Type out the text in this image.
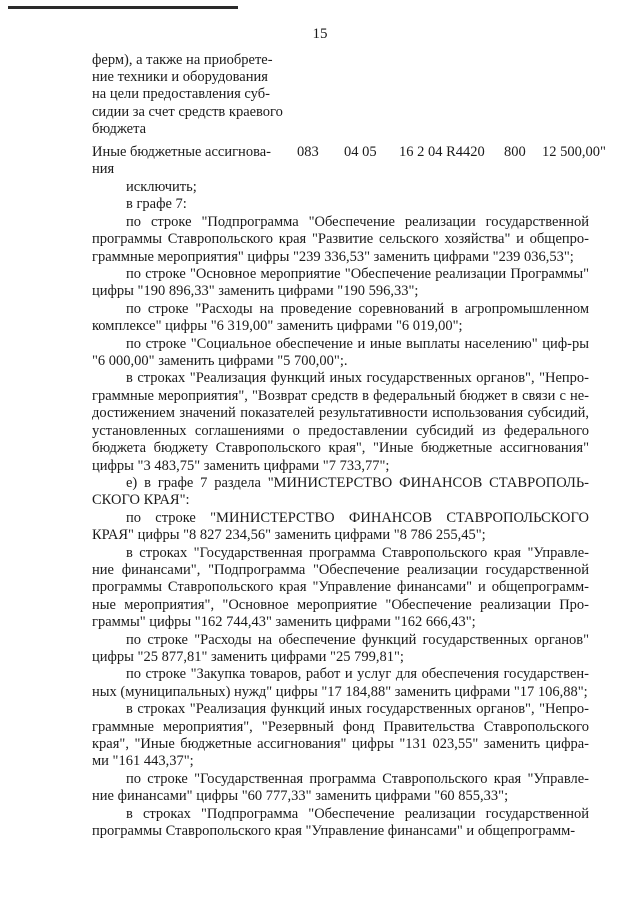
15
ферм), а также на приобрете-
ние техники и оборудования
на цели предоставления суб-
сидии за счет средств краевого
бюджета
Иные бюджетные ассигнова-
ния
083 04 05 16 2 04 R4420 800 12 500,00"

исключить;

в графе 7:

по строке "Подпрограмма "Обеспечение реализации государственной программы Ставропольского края "Развитие сельского хозяйства" и общепро-граммные мероприятия" цифры "239 336,53" заменить цифрами "239 036,53";

по строке "Основное мероприятие "Обеспечение реализации Программы" цифры "190 896,33" заменить цифрами "190 596,33";

по строке "Расходы на проведение соревнований в агропромышленном комплексе" цифры "6 319,00" заменить цифрами "6 019,00";

по строке "Социальное обеспечение и иные выплаты населению" циф-ры "6 000,00" заменить цифрами "5 700,00";.

в строках "Реализация функций иных государственных органов", "Непро-граммные мероприятия", "Возврат средств в федеральный бюджет в связи с не-достижением значений показателей результативности использования субсидий, установленных соглашениями о предоставлении субсидий из федерального бюджета бюджету Ставропольского края", "Иные бюджетные ассигнования" цифры "3 483,75" заменить цифрами "7 733,77";

е) в графе 7 раздела "МИНИСТЕРСТВО ФИНАНСОВ СТАВРОПОЛЬ-СКОГО КРАЯ":

по строке "МИНИСТЕРСТВО ФИНАНСОВ СТАВРОПОЛЬСКОГО КРАЯ" цифры "8 827 234,56" заменить цифрами "8 786 255,45";

в строках "Государственная программа Ставропольского края "Управле-ние финансами", "Подпрограмма "Обеспечение реализации государственной программы Ставропольского края "Управление финансами" и общепрограмм-ные мероприятия", "Основное мероприятие "Обеспечение реализации Про-граммы" цифры "162 744,43" заменить цифрами "162 666,43";

по строке "Расходы на обеспечение функций государственных органов" цифры "25 877,81" заменить цифрами "25 799,81";

по строке "Закупка товаров, работ и услуг для обеспечения государствен-ных (муниципальных) нужд" цифры "17 184,88" заменить цифрами "17 106,88";

в строках "Реализация функций иных государственных органов", "Непро-граммные мероприятия", "Резервный фонд Правительства Ставропольского края", "Иные бюджетные ассигнования" цифры "131 023,55" заменить цифра-ми "161 443,37";

по строке "Государственная программа Ставропольского края "Управле-ние финансами" цифры "60 777,33" заменить цифрами "60 855,33";

в строках "Подпрограмма "Обеспечение реализации государственной программы Ставропольского края "Управление финансами" и общепрограмм-
